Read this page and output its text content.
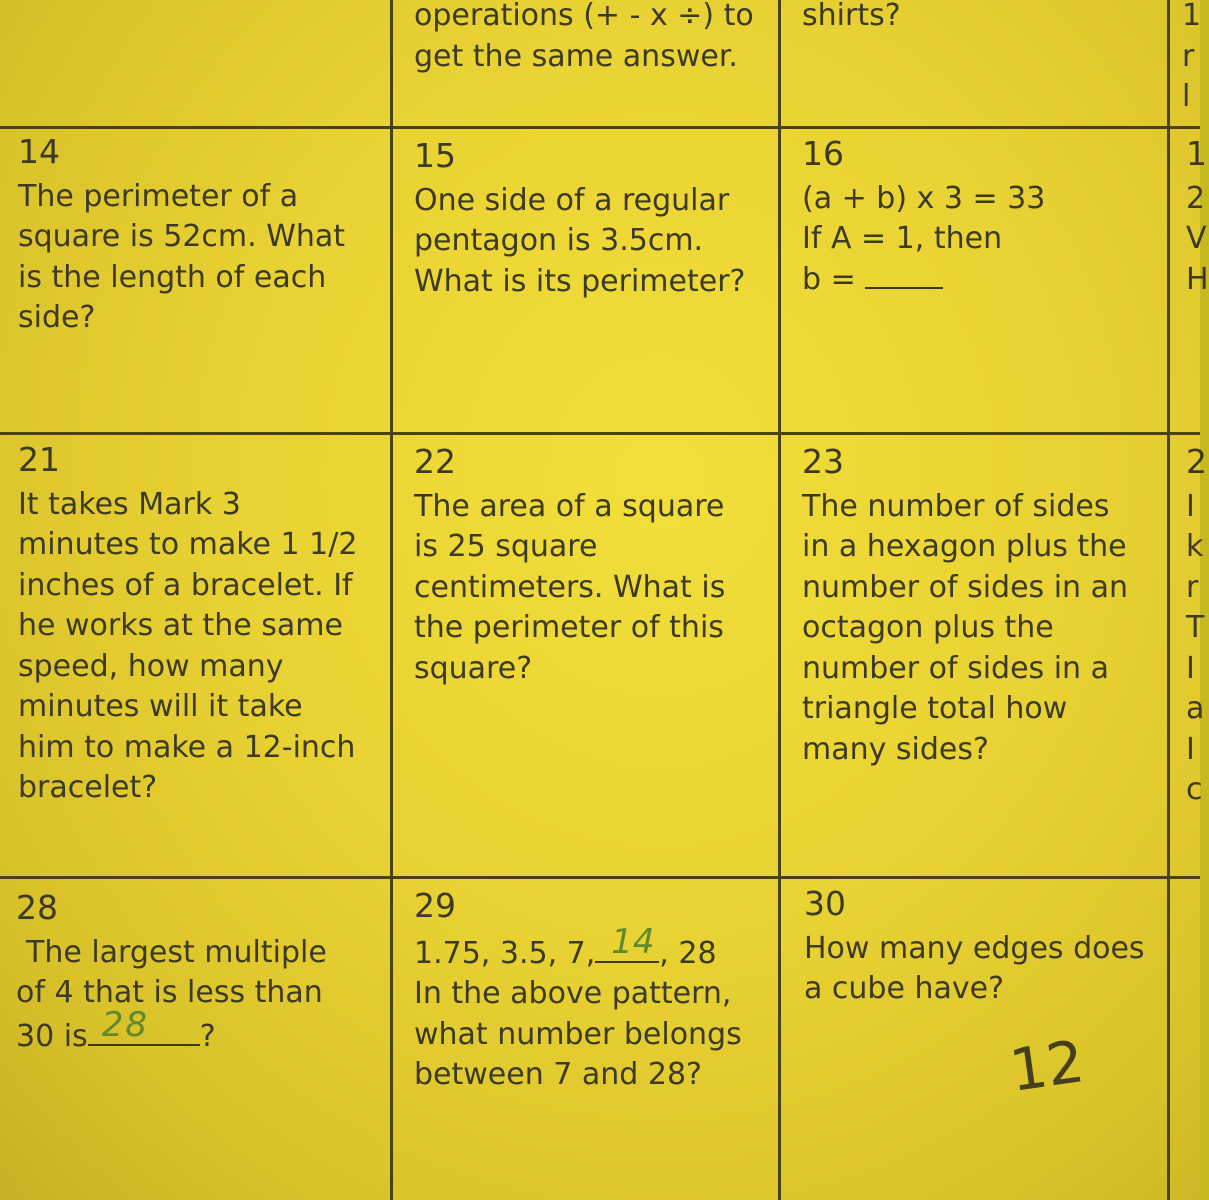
operations (+ - x ÷) to
get the same answer.
shirts?	1
r
l
14
The perimeter of a
square is 52cm. What
is the length of each
side?
15
One side of a regular
pentagon is 3.5cm.
What is its perimeter?
16
(a + b) x 3 = 33
If A = 1, then
b =
1
2
V
H
21
It takes Mark 3
minutes to make 1 1/2
inches of a bracelet. If
he works at the same
speed, how many
minutes will it take
him to make a 12-inch
bracelet?
22
The area of a square
is 25 square
centimeters. What is
the perimeter of this
square?
23
The number of sides
in a hexagon plus the
number of sides in an
octagon plus the
number of sides in a
triangle total how
many sides?
2
I
k
r
T
I
a
I
c
28
The largest multiple
of 4 that is less than
30 is 28 ?
29
1.75, 3.5, 7, 14 , 28
In the above pattern,
what number belongs
between 7 and 28?
30
How many edges does
a cube have?
12
